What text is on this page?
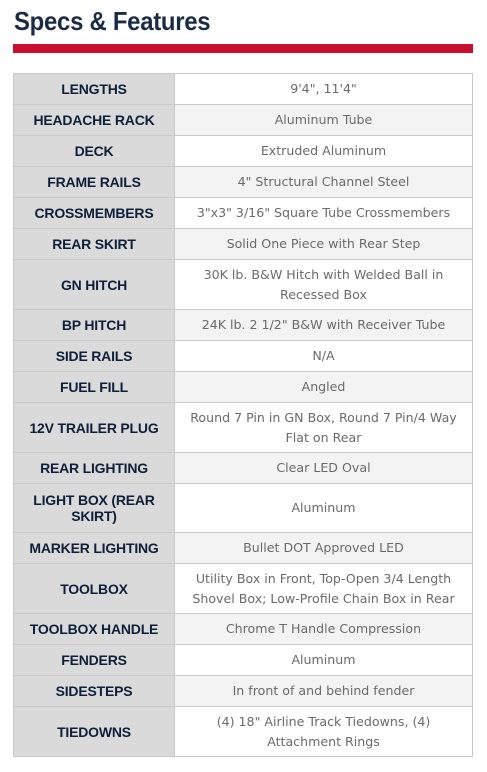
Specs & Features
LENGTHS	9'4", 11'4"
HEADACHE RACK	Aluminum Tube
DECK	Extruded Aluminum
FRAME RAILS	4" Structural Channel Steel
CROSSMEMBERS	3"x3" 3/16" Square Tube Crossmembers
REAR SKIRT	Solid One Piece with Rear Step
GN HITCH	30K lb. B&W Hitch with Welded Ball in Recessed Box
BP HITCH	24K lb. 2 1/2" B&W with Receiver Tube
SIDE RAILS	N/A
FUEL FILL	Angled
12V TRAILER PLUG	Round 7 Pin in GN Box, Round 7 Pin/4 Way Flat on Rear
REAR LIGHTING	Clear LED Oval
LIGHT BOX (REAR SKIRT)	Aluminum
MARKER LIGHTING	Bullet DOT Approved LED
TOOLBOX	Utility Box in Front, Top-Open 3/4 Length Shovel Box; Low-Profile Chain Box in Rear
TOOLBOX HANDLE	Chrome T Handle Compression
FENDERS	Aluminum
SIDESTEPS	In front of and behind fender
TIEDOWNS	(4) 18" Airline Track Tiedowns, (4) Attachment Rings
